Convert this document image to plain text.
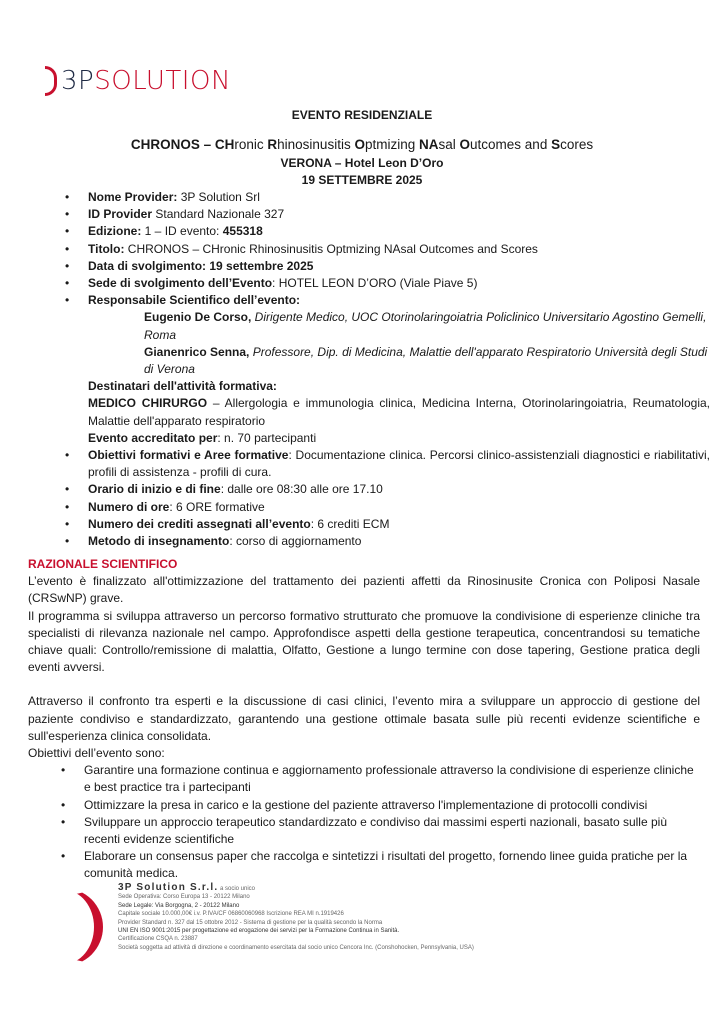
3PSOLUTION
EVENTO RESIDENZIALE
CHRONOS – CHronic Rhinosinusitis Optmizing NAsal Outcomes and Scores
VERONA – Hotel Leon D’Oro
19 SETTEMBRE 2025
• Nome Provider: 3P Solution Srl
• ID Provider Standard Nazionale 327
• Edizione: 1 – ID evento: 455318
• Titolo: CHRONOS – CHronic Rhinosinusitis Optmizing NAsal Outcomes and Scores
• Data di svolgimento: 19 settembre 2025
• Sede di svolgimento dell’Evento: HOTEL LEON D’ORO (Viale Piave 5)
• Responsabile Scientifico dell’evento:
Eugenio De Corso, Dirigente Medico, UOC Otorinolaringoiatria Policlinico Universitario Agostino Gemelli, Roma
Gianenrico Senna, Professore, Dip. di Medicina, Malattie dell'apparato Respiratorio Università degli Studi di Verona
Destinatari dell'attività formativa:
MEDICO CHIRURGO – Allergologia e immunologia clinica, Medicina Interna, Otorinolaringoiatria, Reumatologia, Malattie dell'apparato respiratorio
Evento accreditato per: n. 70 partecipanti
• Obiettivi formativi e Aree formative: Documentazione clinica. Percorsi clinico-assistenziali diagnostici e riabilitativi, profili di assistenza - profili di cura.
• Orario di inizio e di fine: dalle ore 08:30 alle ore 17.10
• Numero di ore: 6 ORE formative
• Numero dei crediti assegnati all’evento: 6 crediti ECM
• Metodo di insegnamento: corso di aggiornamento
RAZIONALE SCIENTIFICO

L’evento è finalizzato all'ottimizzazione del trattamento dei pazienti affetti da Rinosinusite Cronica con Poliposi Nasale (CRSwNP) grave.

Il programma si sviluppa attraverso un percorso formativo strutturato che promuove la condivisione di esperienze cliniche tra specialisti di rilevanza nazionale nel campo. Approfondisce aspetti della gestione terapeutica, concentrandosi su tematiche chiave quali: Controllo/remissione di malattia, Olfatto, Gestione a lungo termine con dose tapering, Gestione pratica degli eventi avversi.

Attraverso il confronto tra esperti e la discussione di casi clinici, l’evento mira a sviluppare un approccio di gestione del paziente condiviso e standardizzato, garantendo una gestione ottimale basata sulle più recenti evidenze scientifiche e sull'esperienza clinica consolidata.

Obiettivi dell’evento sono:

• Garantire una formazione continua e aggiornamento professionale attraverso la condivisione di esperienze cliniche e best practice tra i partecipanti
• Ottimizzare la presa in carico e la gestione del paziente attraverso l'implementazione di protocolli condivisi
• Sviluppare un approccio terapeutico standardizzato e condiviso dai massimi esperti nazionali, basato sulle più recenti evidenze scientifiche
• Elaborare un consensus paper che raccolga e sintetizzi i risultati del progetto, fornendo linee guida pratiche per la comunità medica.
3P Solution S.r.l. a socio unico
Sede Operativa: Corso Europa 13 - 20122 Milano
Sede Legale: Via Borgogna, 2 - 20122 Milano
Capitale sociale 10.000,00€ i.v. P.IVA/CF 06860060968 Iscrizione REA MI n.1919426
Provider Standard n. 327 dal 15 ottobre 2012 - Sistema di gestione per la qualità secondo la Norma
UNI EN ISO 9001:2015 per progettazione ed erogazione dei servizi per la Formazione Continua in Sanità.
Certificazione CSQA n. 23887
Società soggetta ad attività di direzione e coordinamento esercitata dal socio unico Cencora Inc. (Conshohocken, Pennsylvania, USA)
